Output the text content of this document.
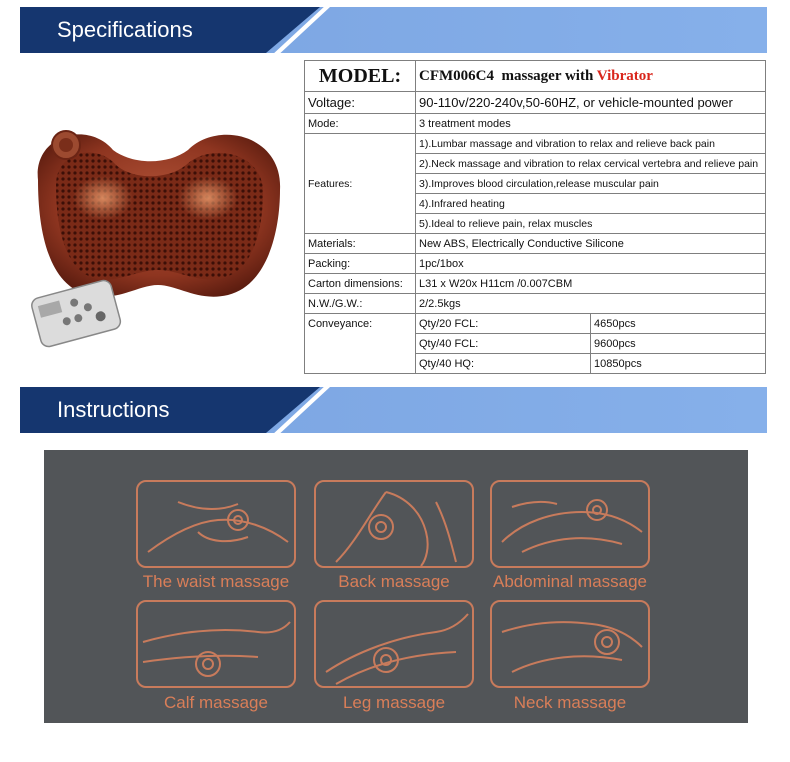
Specifications
MODEL:	CFM006C4 massager with Vibrator	
Voltage:	90-110v/220-240v,50-60HZ, or vehicle-mounted power	
Mode:	3 treatment modes	
Features:	1).Lumbar massage and vibration to relax and relieve back pain	
	2).Neck massage and vibration to relax cervical vertebra and relieve pain	
	3).Improves blood circulation,release muscular pain	
	4).Infrared heating	
	5).Ideal to relieve pain, relax muscles	
Materials:	New ABS, Electrically Conductive Silicone	
Packing:	1pc/1box	
Carton dimensions:	L31 x W20x H11cm /0.007CBM	
N.W./G.W.:	2/2.5kgs	
Conveyance:	Qty/20 FCL:	4650pcs
	Qty/40 FCL:	9600pcs
	Qty/40 HQ:	10850pcs
Instructions
The waist massage	Back massage	Abdominal massage
Calf massage	Leg massage	Neck massage
